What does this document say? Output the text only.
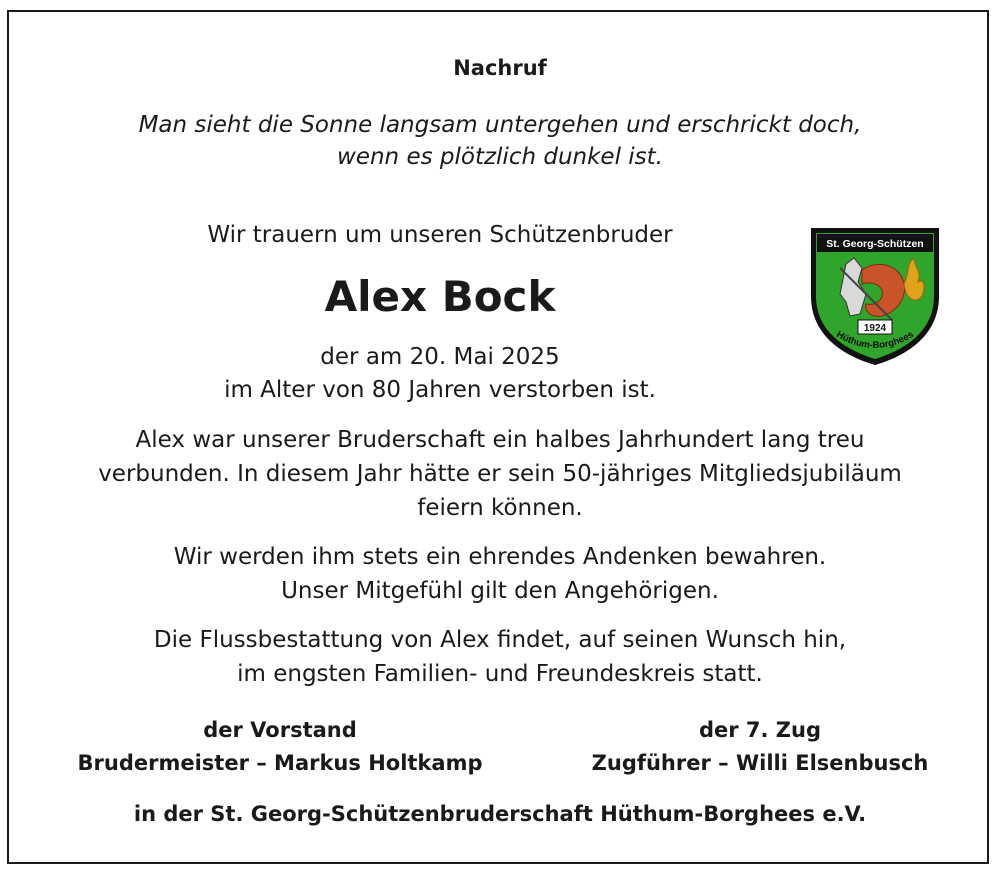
Nachruf
Man sieht die Sonne langsam untergehen und erschrickt doch,
wenn es plötzlich dunkel ist.
Wir trauern um unseren Schützenbruder
Alex Bock
der am 20. Mai 2025
im Alter von 80 Jahren verstorben ist.
St. Georg-Schützen
1924
Hüthum-Borghees
Alex war unserer Bruderschaft ein halbes Jahrhundert lang treu
verbunden. In diesem Jahr hätte er sein 50-jähriges Mitgliedsjubiläum
feiern können.
Wir werden ihm stets ein ehrendes Andenken bewahren.
Unser Mitgefühl gilt den Angehörigen.
Die Flussbestattung von Alex findet, auf seinen Wunsch hin,
im engsten Familien- und Freundeskreis statt.
der Vorstand
Brudermeister – Markus Holtkamp
der 7. Zug
Zugführer – Willi Elsenbusch
in der St. Georg-Schützenbruderschaft Hüthum-Borghees e.V.
